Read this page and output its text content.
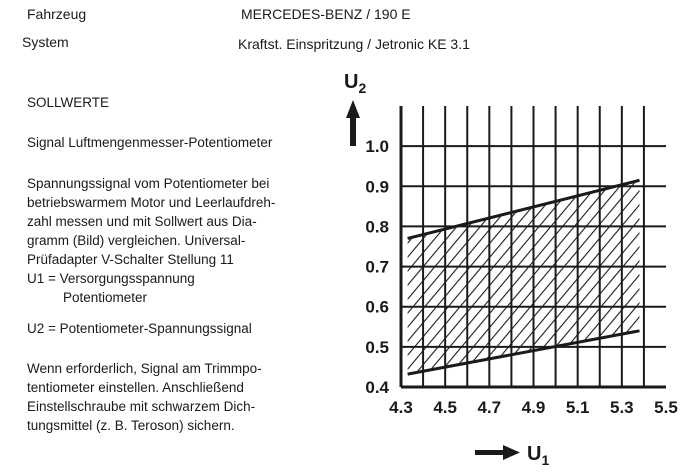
Fahrzeug	MERCEDES-BENZ / 190 E
System	Kraftst. Einspritzung / Jetronic KE 3.1
SOLLWERTE
Signal Luftmengenmesser-Potentiometer
Spannungssignal vom Potentiometer bei
betriebswarmem Motor und Leerlaufdreh-
zahl messen und mit Sollwert aus Dia-
gramm (Bild) vergleichen. Universal-
Prüfadapter V-Schalter Stellung 11
U1 = Versorgungsspannung
Potentiometer
U2 = Potentiometer-Spannungssignal
Wenn erforderlich, Signal am Trimmpo-
tentiometer einstellen. Anschließend
Einstellschraube mit schwarzem Dich-
tungsmittel (z. B. Teroson) sichern.
4.3 4.5 4.7 4.9 5.1 5.3 5.5
0.4
0.5
0.6
0.7
0.8
0.9
1.0
$U_2$
$U_1$
